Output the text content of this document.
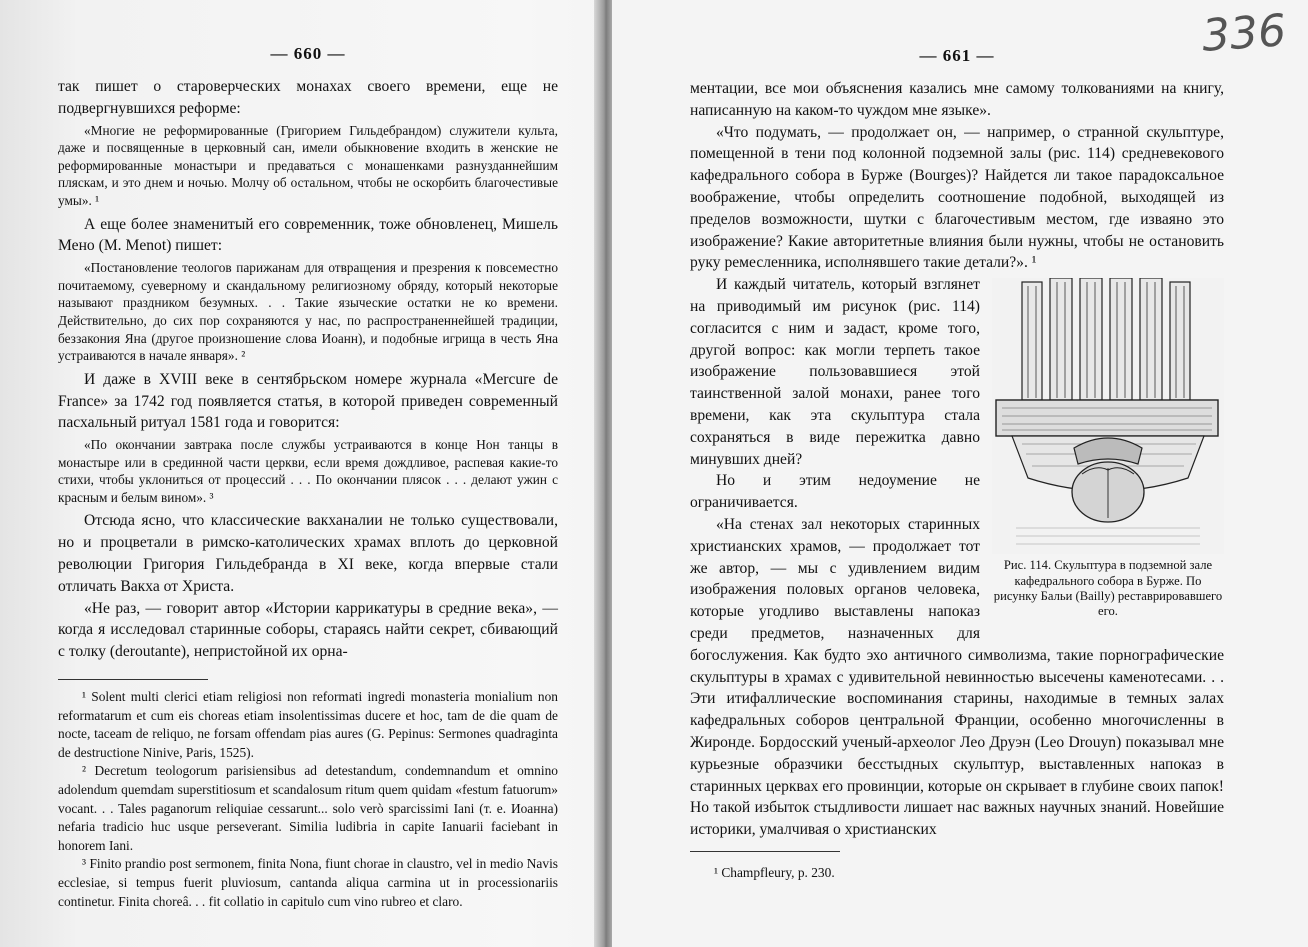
— 660 —

так пишет о староверческих монахах своего времени, еще не подвергнувшихся реформе:

«Многие не реформированные (Григорием Гильдебрандом) служители культа, даже и посвященные в церковный сан, имели обыкновение входить в женские не реформированные монастыри и предаваться с монашенками разнузданнейшим пляскам, и это днем и ночью. Молчу об остальном, чтобы не оскорбить благочестивые умы». ¹

А еще более знаменитый его современник, тоже обновленец, Мишель Мено (M. Menot) пишет:

«Постановление теологов парижанам для отвращения и презрения к повсеместно почитаемому, суеверному и скандальному религиозному обряду, который некоторые называют праздником безумных. . . Такие языческие остатки не ко времени. Действительно, до сих пор сохраняются у нас, по распространеннейшей традиции, беззакония Яна (другое произношение слова Иоанн), и подобные игрища в честь Яна устраиваются в начале января». ²

И даже в XVIII веке в сентябрьском номере журнала «Mercure de France» за 1742 год появляется статья, в которой приведен современный пасхальный ритуал 1581 года и говорится:

«По окончании завтрака после службы устраиваются в конце Нон танцы в монастыре или в срединной части церкви, если время дождливое, распевая какие-то стихи, чтобы уклониться от процессий . . . По окончании плясок . . . делают ужин с красным и белым вином». ³

Отсюда ясно, что классические вакханалии не только существовали, но и процветали в римско-католических храмах вплоть до церковной революции Григория Гильдебранда в XI веке, когда впервые стали отличать Вакха от Христа.

«Не раз, — говорит автор «Истории каррикатуры в средние века», — когда я исследовал старинные соборы, стараясь найти секрет, сбивающий с толку (deroutante), непристойной их орна-

¹ Solent multi clerici etiam religiosi non reformati ingredi monasteria monialium non reformatarum et cum eis choreas etiam insolentissimas ducere et hoc, tam de die quam de nocte, taceam de reliquo, ne forsam offendam pias aures (G. Pepinus: Sermones quadraginta de destructione Ninive, Paris, 1525).

² Decretum teologorum parisiensibus ad detestandum, condemnandum et omnino adolendum quemdam superstitiosum et scandalosum ritum quem quidam «festum fatuorum» vocant. . . Tales paganorum reliquiae cessarunt... solo verò sparcissimi Iani (т. е. Иоанна) nefaria tradicio huc usque perseverant. Similia ludibria in capite Ianuarii faciebant in honorem Iani.

³ Finito prandio post sermonem, finita Nona, fiunt chorae in claustro, vel in medio Navis ecclesiae, si tempus fuerit pluviosum, cantanda aliqua carmina ut in processionariis continetur. Finita choreâ. . . fit collatio in capitulo cum vino rubreo et claro.

— 661 —

ментации, все мои объяснения казались мне самому толкованиями на книгу, написанную на каком-то чуждом мне языке».

«Что подумать, — продолжает он, — например, о странной скульптуре, помещенной в тени под колонной подземной залы (рис. 114) средневекового кафедрального собора в Бурже (Bourges)? Найдется ли такое парадоксальное воображение, чтобы определить соотношение подобной, выходящей из пределов возможности, шутки с благочестивым местом, где изваяно это изображение? Какие авторитетные влияния были нужны, чтобы не остановить руку ремесленника, исполнявшего такие детали?». ¹

Рис. 114. Скульптура в подземной зале кафедрального собора в Бурже. По рисунку Бальи (Bailly) реставрировавшего его.

И каждый читатель, который взглянет на приводимый им рисунок (рис. 114) согласится с ним и задаст, кроме того, другой вопрос: как могли терпеть такое изображение пользовавшиеся этой таинственной залой монахи, ранее того времени, как эта скульптура стала сохраняться в виде пережитка давно минувших дней?

Но и этим недоумение не ограничивается.

«На стенах зал некоторых старинных христианских храмов, — продолжает тот же автор, — мы с удивлением видим изображения половых органов человека, которые угодливо выставлены напоказ среди предметов, назначенных для богослужения. Как будто эхо античного символизма, такие порнографические скульптуры в храмах с удивительной невинностью высечены каменотесами. . . Эти итифаллические воспоминания старины, находимые в темных залах кафедральных соборов центральной Франции, особенно многочисленны в Жиронде. Бордосский ученый-археолог Лео Друэн (Leo Drouyn) показывал мне курьезные образчики бесстыдных скульптур, выставленных напоказ в старинных церквах его провинции, которые он скрывает в глубине своих папок! Но такой избыток стыдливости лишает нас важных научных знаний. Новейшие историки, умалчивая о христианских

¹ Champfleury, p. 230.

336
